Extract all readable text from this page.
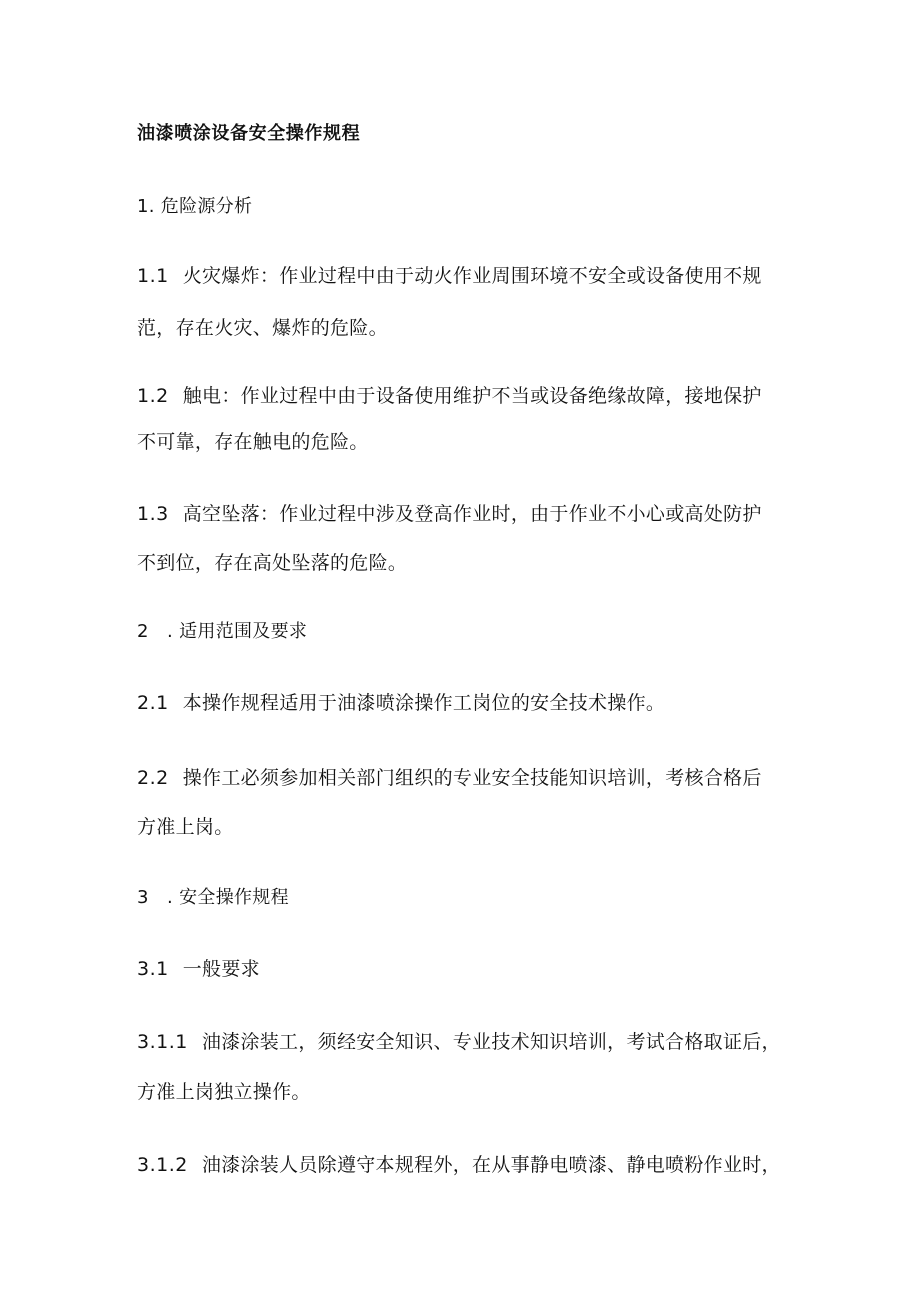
油漆喷涂设备安全操作规程
1. 危险源分析
1.1 火灾爆炸：作业过程中由于动火作业周围环境不安全或设备使用不规
范，存在火灾、爆炸的危险。
1.2 触电：作业过程中由于设备使用维护不当或设备绝缘故障，接地保护
不可靠，存在触电的危险。
1.3 高空坠落：作业过程中涉及登高作业时，由于作业不小心或高处防护
不到位，存在高处坠落的危险。
2　. 适用范围及要求
2.1 本操作规程适用于油漆喷涂操作工岗位的安全技术操作。
2.2 操作工必须参加相关部门组织的专业安全技能知识培训，考核合格后
方准上岗。
3　. 安全操作规程
3.1 一般要求
3.1.1 油漆涂装工，须经安全知识、专业技术知识培训，考试合格取证后，
方准上岗独立操作。
3.1.2 油漆涂装人员除遵守本规程外，在从事静电喷漆、静电喷粉作业时，
